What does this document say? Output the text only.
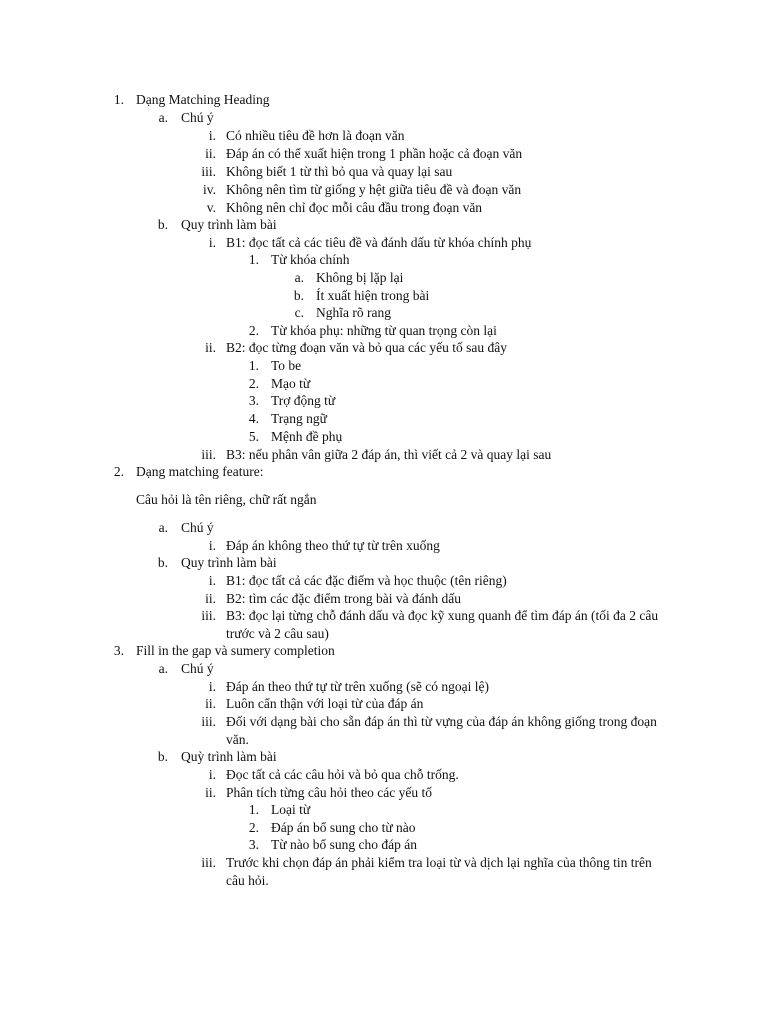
1. Dạng Matching Heading
a. Chú ý
i. Có nhiều tiêu đề hơn là đoạn văn
ii. Đáp án có thể xuất hiện trong 1 phần hoặc cả đoạn văn
iii. Không biết 1 từ thì bỏ qua và quay lại sau
iv. Không nên tìm từ giống y hệt giữa tiêu đề và đoạn văn
v. Không nên chỉ đọc mỗi câu đầu trong đoạn văn
b. Quy trình làm bài
i. B1: đọc tất cả các tiêu đề và đánh dấu từ khóa chính phụ
1. Từ khóa chính
a. Không bị lặp lại
b. Ít xuất hiện trong bài
c. Nghĩa rõ rang
2. Từ khóa phụ: những từ quan trọng còn lại
ii. B2: đọc từng đoạn văn và bỏ qua các yếu tố sau đây
1. To be
2. Mạo từ
3. Trợ động từ
4. Trạng ngữ
5. Mệnh đề phụ
iii. B3: nếu phân vân giữa 2 đáp án, thì viết cả 2 và quay lại sau
2. Dạng matching feature:
Câu hỏi là tên riêng, chữ rất ngắn
a. Chú ý
i. Đáp án không theo thứ tự từ trên xuống
b. Quy trình làm bài
i. B1: đọc tất cả các đặc điểm và học thuộc (tên riêng)
ii. B2: tìm các đặc điểm trong bài và đánh dấu
iii. B3: đọc lại từng chỗ đánh dấu và đọc kỹ xung quanh để tìm đáp án (tối đa 2 câu
trước và 2 câu sau)
3. Fill in the gap và sumery completion
a. Chú ý
i. Đáp án theo thứ tự từ trên xuống (sẽ có ngoại lệ)
ii. Luôn cẩn thận với loại từ của đáp án
iii. Đối với dạng bài cho sẵn đáp án thì từ vựng của đáp án không giống trong đoạn
văn.
b. Quỳ trình làm bài
i. Đọc tất cả các câu hỏi và bỏ qua chỗ trống.
ii. Phân tích từng câu hỏi theo các yếu tố
1. Loại từ
2. Đáp án bổ sung cho từ nào
3. Từ nào bổ sung cho đáp án
iii. Trước khi chọn đáp án phải kiểm tra loại từ và dịch lại nghĩa của thông tin trên
câu hỏi.
